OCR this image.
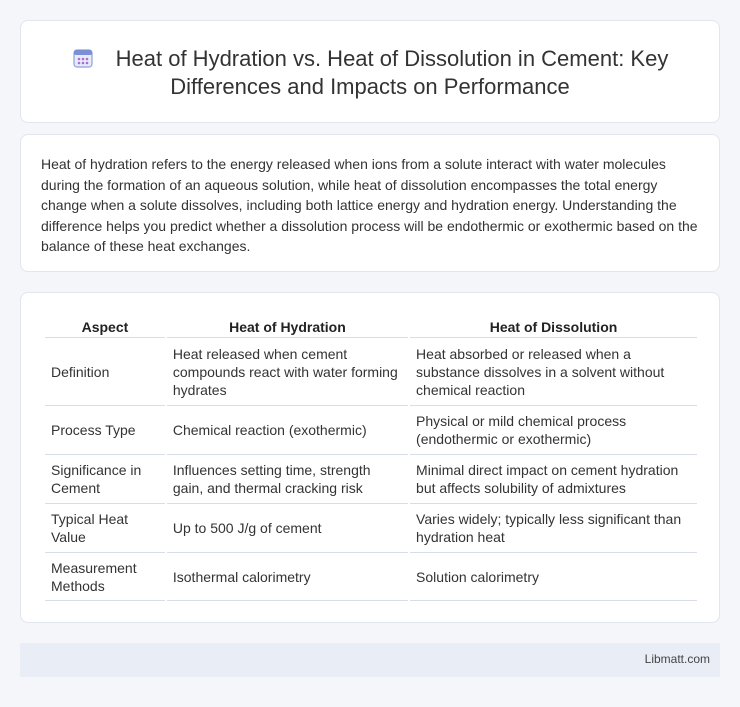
Heat of Hydration vs. Heat of Dissolution in Cement: Key Differences and Impacts on Performance

Heat of hydration refers to the energy released when ions from a solute interact with water molecules during the formation of an aqueous solution, while heat of dissolution encompasses the total energy change when a solute dissolves, including both lattice energy and hydration energy. Understanding the difference helps you predict whether a dissolution process will be endothermic or exothermic based on the balance of these heat exchanges.

Aspect	Heat of Hydration	Heat of Dissolution
Definition	Heat released when cement compounds react with water forming hydrates	Heat absorbed or released when a substance dissolves in a solvent without chemical reaction
Process Type	Chemical reaction (exothermic)	Physical or mild chemical process (endothermic or exothermic)
Significance in Cement	Influences setting time, strength gain, and thermal cracking risk	Minimal direct impact on cement hydration but affects solubility of admixtures
Typical Heat Value	Up to 500 J/g of cement	Varies widely; typically less significant than hydration heat
Measurement Methods	Isothermal calorimetry	Solution calorimetry
Libmatt.com
